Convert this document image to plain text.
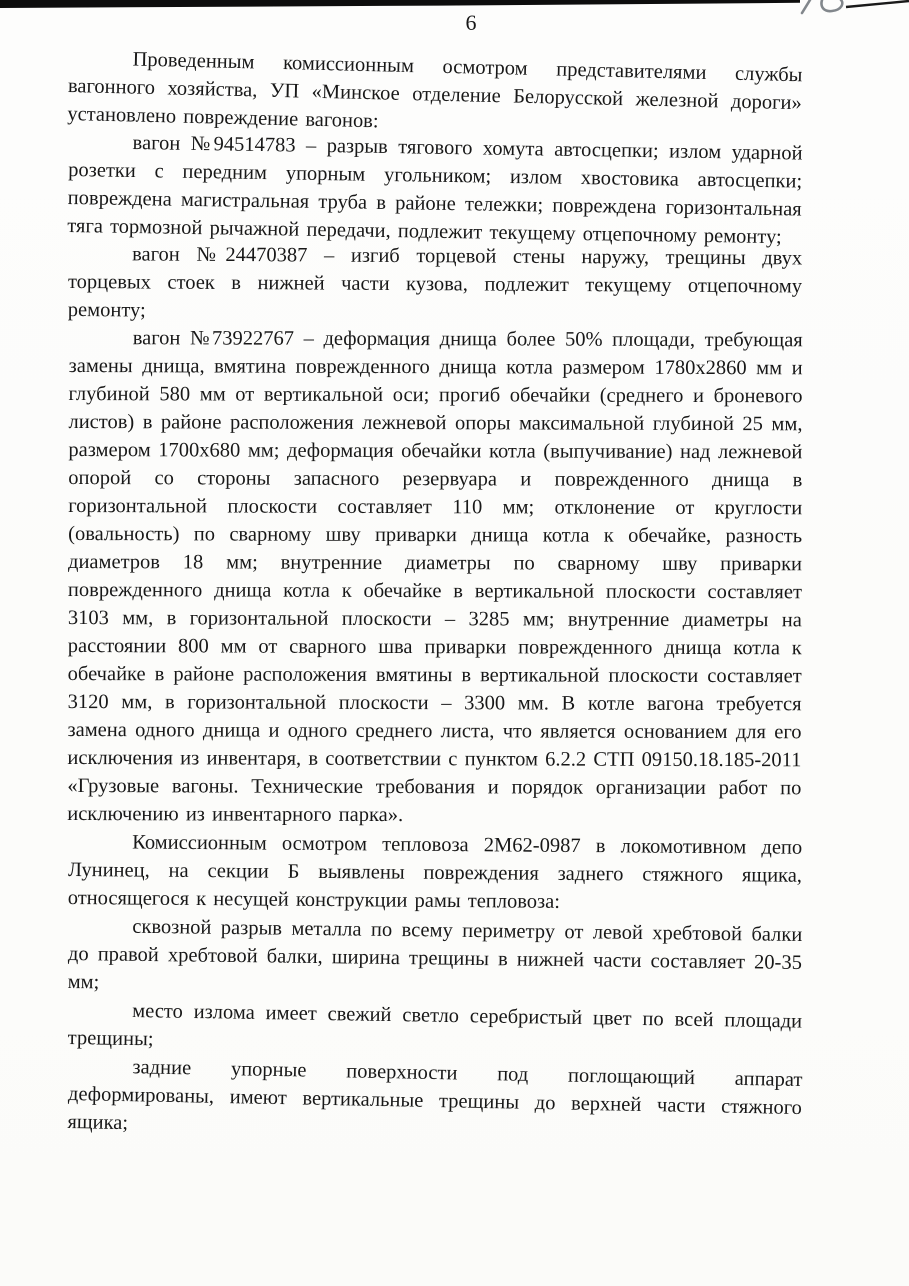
6

Проведенным комиссионным осмотром представителями службы вагонного хозяйства, УП «Минское отделение Белорусской железной дороги» установлено повреждение вагонов:

вагон №94514783 – разрыв тягового хомута автосцепки; излом ударной розетки с передним упорным угольником; излом хвостовика автосцепки; повреждена магистральная труба в районе тележки; повреждена горизонтальная тяга тормозной рычажной передачи, подлежит текущему отцепочному ремонту;

вагон №24470387 – изгиб торцевой стены наружу, трещины двух торцевых стоек в нижней части кузова, подлежит текущему отцепочному ремонту;

вагон №73922767 – деформация днища более 50% площади, требующая замены днища, вмятина поврежденного днища котла размером 1780х2860 мм и глубиной 580 мм от вертикальной оси; прогиб обечайки (среднего и броневого листов) в районе расположения лежневой опоры максимальной глубиной 25 мм, размером 1700х680 мм; деформация обечайки котла (выпучивание) над лежневой опорой со стороны запасного резервуара и поврежденного днища в горизонтальной плоскости составляет 110 мм; отклонение от круглости (овальность) по сварному шву приварки днища котла к обечайке, разность диаметров 18 мм; внутренние диаметры по сварному шву приварки поврежденного днища котла к обечайке в вертикальной плоскости составляет 3103 мм, в горизонтальной плоскости – 3285 мм; внутренние диаметры на расстоянии 800 мм от сварного шва приварки поврежденного днища котла к обечайке в районе расположения вмятины в вертикальной плоскости составляет 3120 мм, в горизонтальной плоскости – 3300 мм. В котле вагона требуется замена одного днища и одного среднего листа, что является основанием для его исключения из инвентаря, в соответствии с пунктом 6.2.2 СТП 09150.18.185-2011 «Грузовые вагоны. Технические требования и порядок организации работ по исключению из инвентарного парка».

Комиссионным осмотром тепловоза 2М62-0987 в локомотивном депо Лунинец, на секции Б выявлены повреждения заднего стяжного ящика, относящегося к несущей конструкции рамы тепловоза:

сквозной разрыв металла по всему периметру от левой хребтовой балки до правой хребтовой балки, ширина трещины в нижней части составляет 20-35 мм;

место излома имеет свежий светло серебристый цвет по всей площади трещины;

задние упорные поверхности под поглощающий аппарат деформированы, имеют вертикальные трещины до верхней части стяжного ящика;
